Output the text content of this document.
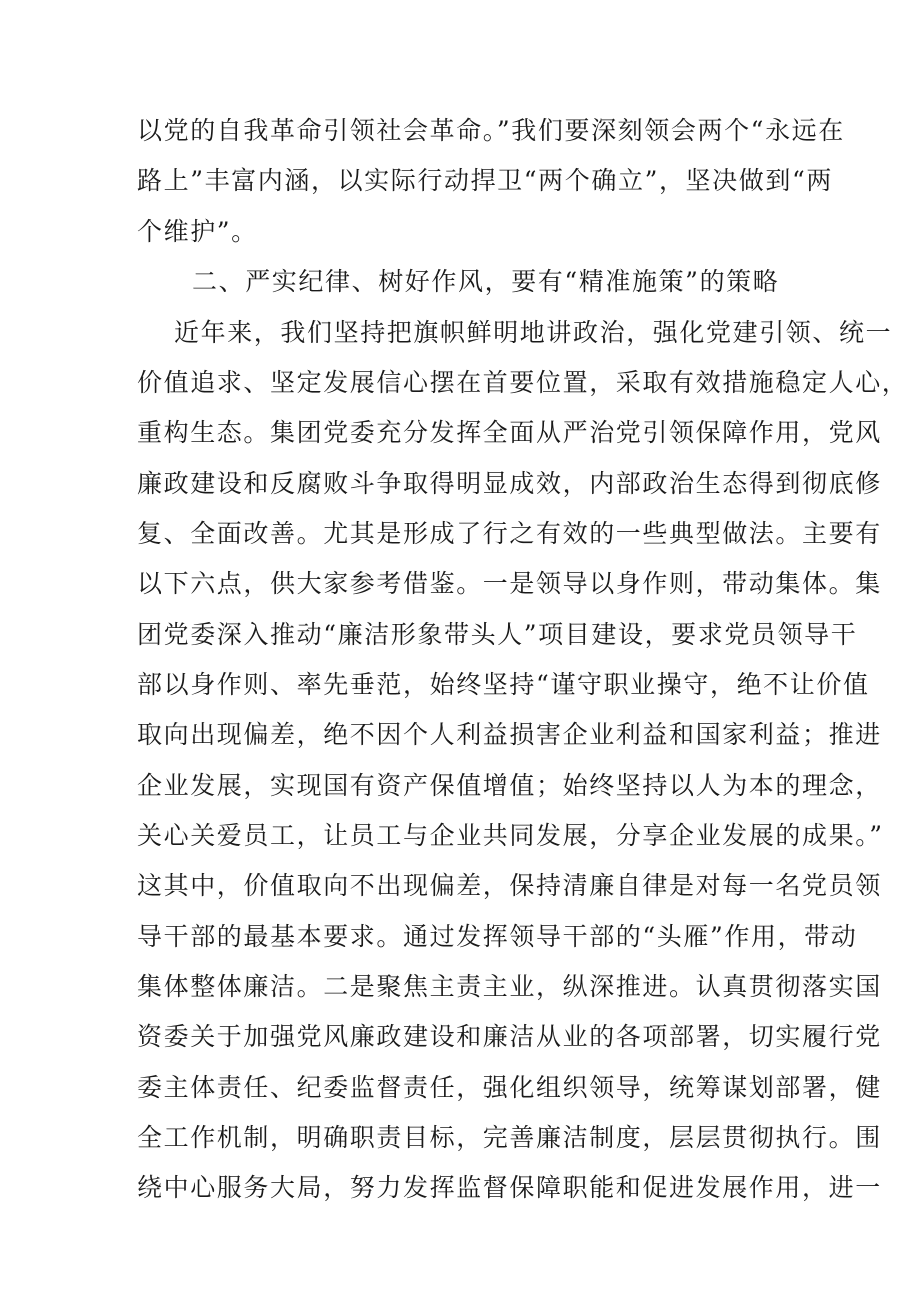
以党的自我革命引领社会革命。”我们要深刻领会两个“永远在
路上”丰富内涵，以实际行动捍卫“两个确立”，坚决做到“两
个维护”。
二、严实纪律、树好作风，要有“精准施策”的策略
近年来，我们坚持把旗帜鲜明地讲政治，强化党建引领、统一
价值追求、坚定发展信心摆在首要位置，采取有效措施稳定人心，
重构生态。集团党委充分发挥全面从严治党引领保障作用，党风
廉政建设和反腐败斗争取得明显成效，内部政治生态得到彻底修
复、全面改善。尤其是形成了行之有效的一些典型做法。主要有
以下六点，供大家参考借鉴。一是领导以身作则，带动集体。集
团党委深入推动“廉洁形象带头人”项目建设，要求党员领导干
部以身作则、率先垂范，始终坚持“谨守职业操守，绝不让价值
取向出现偏差，绝不因个人利益损害企业利益和国家利益；推进
企业发展，实现国有资产保值增值；始终坚持以人为本的理念，
关心关爱员工，让员工与企业共同发展，分享企业发展的成果。”
这其中，价值取向不出现偏差，保持清廉自律是对每一名党员领
导干部的最基本要求。通过发挥领导干部的“头雁”作用，带动
集体整体廉洁。二是聚焦主责主业，纵深推进。认真贯彻落实国
资委关于加强党风廉政建设和廉洁从业的各项部署，切实履行党
委主体责任、纪委监督责任，强化组织领导，统筹谋划部署，健
全工作机制，明确职责目标，完善廉洁制度，层层贯彻执行。围
绕中心服务大局，努力发挥监督保障职能和促进发展作用，进一
